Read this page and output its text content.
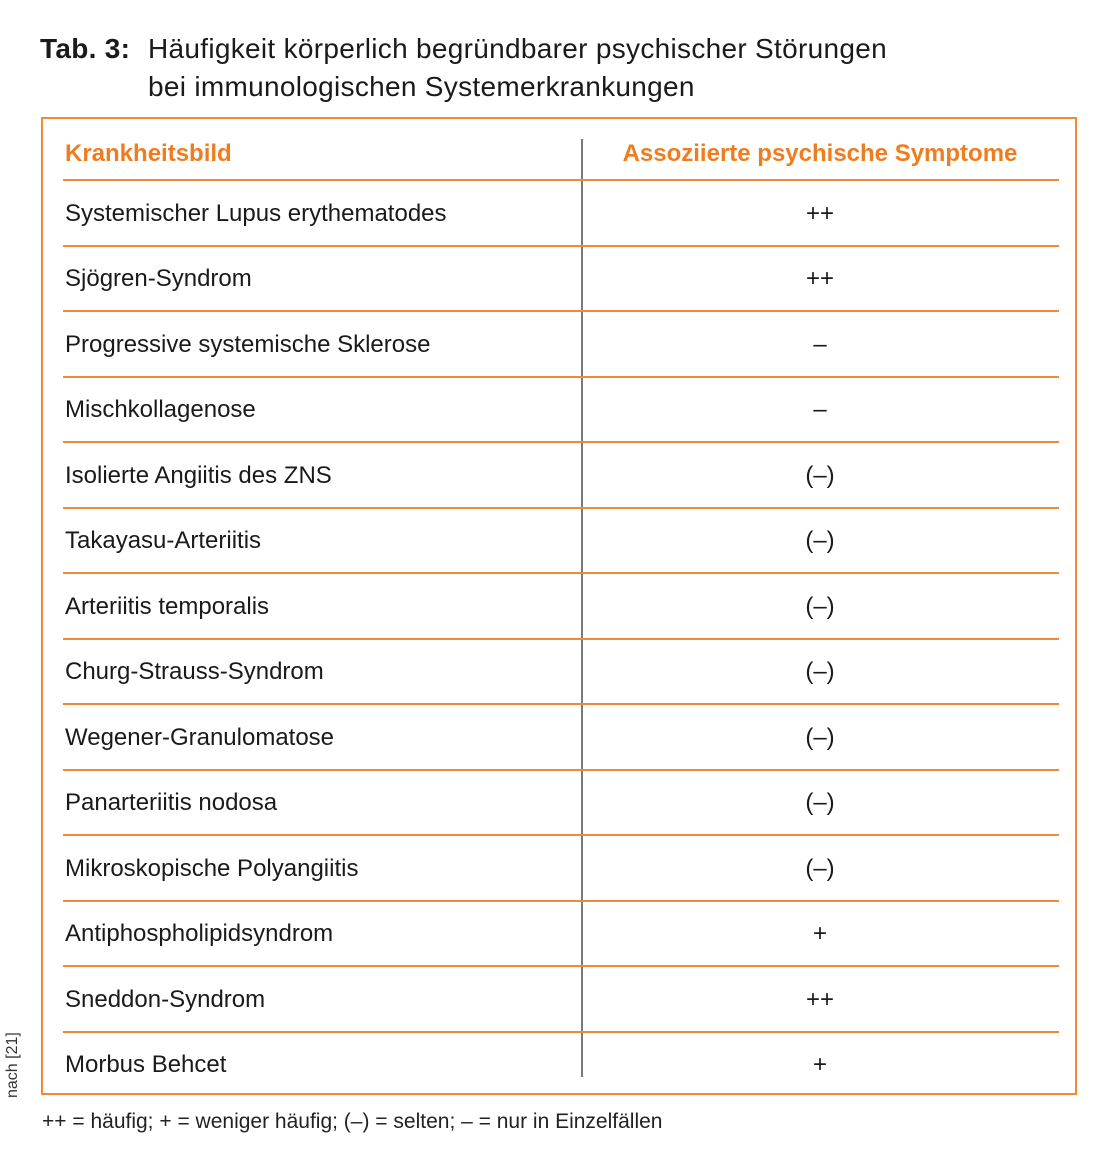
Tab. 3: Häufigkeit körperlich begründbarer psychischer Störungen
bei immunologischen Systemerkrankungen
Krankheitsbild	Assoziierte psychische Symptome
Systemischer Lupus erythematodes	++
Sjögren-Syndrom	++
Progressive systemische Sklerose	–
Mischkollagenose	–
Isolierte Angiitis des ZNS	(–)
Takayasu-Arteriitis	(–)
Arteriitis temporalis	(–)
Churg-Strauss-Syndrom	(–)
Wegener-Granulomatose	(–)
Panarteriitis nodosa	(–)
Mikroskopische Polyangiitis	(–)
Antiphospholipidsyndrom	+
Sneddon-Syndrom	++
Morbus Behcet	+
++ = häufig; + = weniger häufig; (–) = selten; – = nur in Einzelfällen
nach [21]
